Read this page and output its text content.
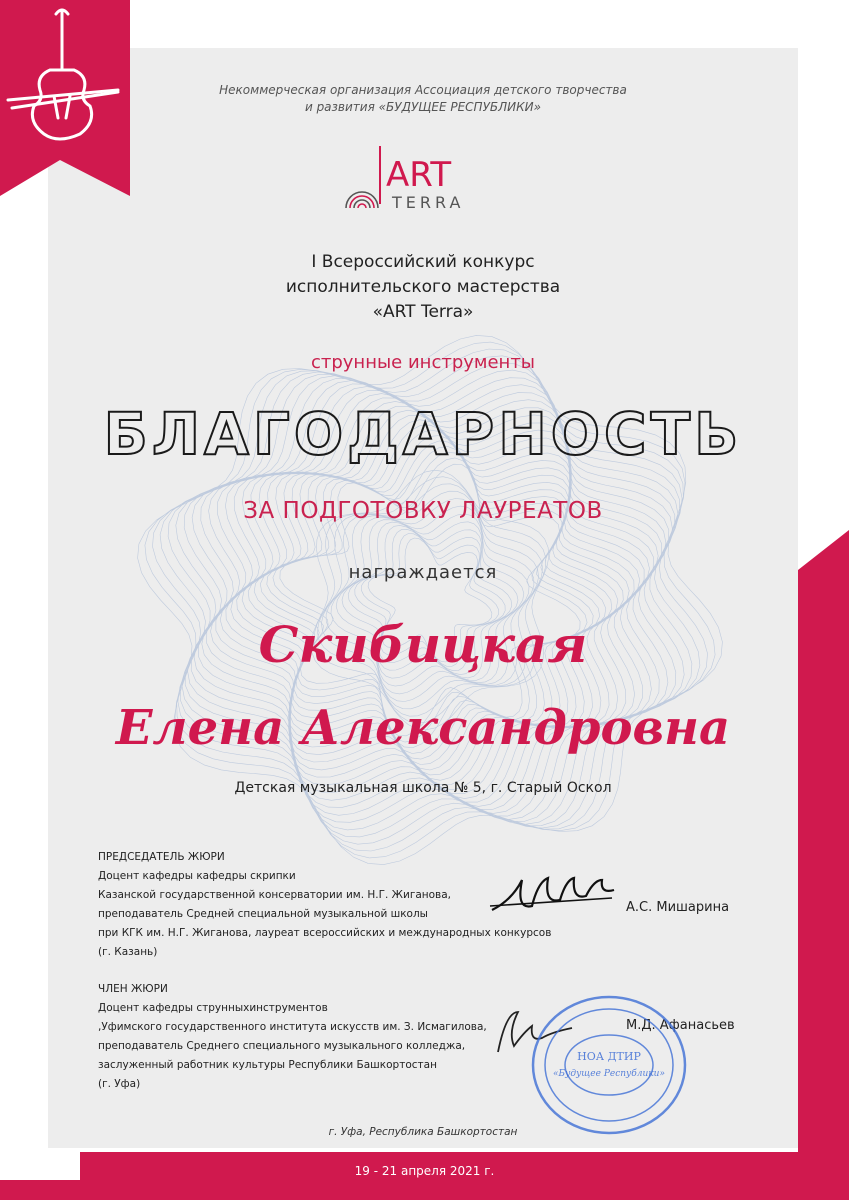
Некоммерческая организация Ассоциация детского творчества
и развития «БУДУЩЕЕ РЕСПУБЛИКИ»
ART
TERRA
I Всероссийский конкурс
исполнительского мастерства
«ART Terra»
струнные инструменты
БЛАГОДАРНОСТЬ
ЗА ПОДГОТОВКУ ЛАУРЕАТОВ
награждается
Скибицкая
Елена Александровна
Детская музыкальная школа № 5, г. Старый Оскол
ПРЕДСЕДАТЕЛЬ ЖЮРИ
Доцент кафедры кафедры скрипки
Казанской государственной консерватории им. Н.Г. Жиганова,
преподаватель Средней специальной музыкальной школы
при КГК им. Н.Г. Жиганова, лауреат всероссийских и международных конкурсов
(г. Казань)
А.С. Мишарина
ЧЛЕН ЖЮРИ
Доцент кафедры струнныхинструментов
,Уфимского государственного института искусств им. З. Исмагилова,
преподаватель Среднего специального музыкального колледжа,
заслуженный работник культуры Республики Башкортостан
(г. Уфа)
М.Д. Афанасьев
НОА ДТИР
«Будущее Республики»
г. Уфа, Республика Башкортостан
19 - 21 апреля 2021 г.
